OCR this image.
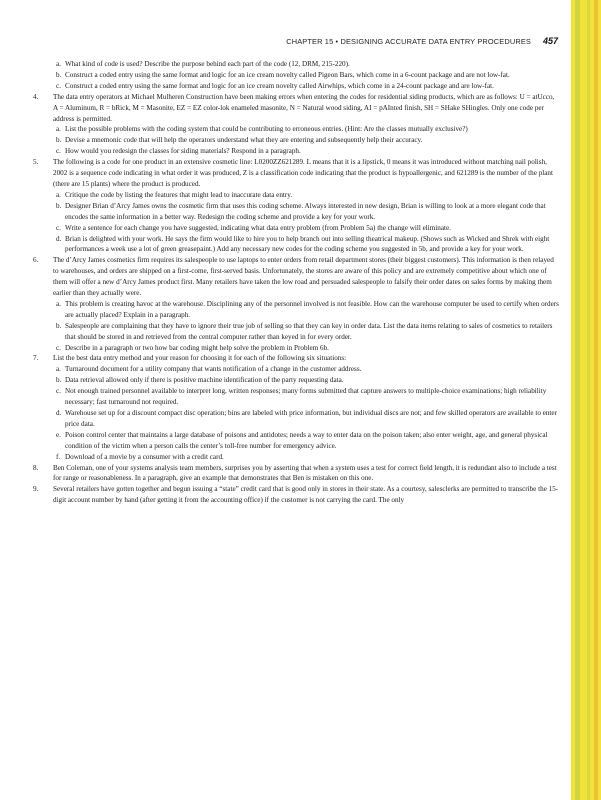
CHAPTER 15 • DESIGNING ACCURATE DATA ENTRY PROCEDURES 457
a. What kind of code is used? Describe the purpose behind each part of the code (12, DRM, 215-220).
b. Construct a coded entry using the same format and logic for an ice cream novelty called Pigeon Bars, which come in a 6-count package and are not low-fat.
c. Construct a coded entry using the same format and logic for an ice cream novelty called Airwhips, which come in a 24-count package and are low-fat.
4. The data entry operators at Michael Mulheren Construction have been making errors when entering the codes for residential siding products, which are as follows: U = atUcco, A = Aluminum, R = bRick, M = Masonite, EZ = EZ color-lok enameled masonite, N = Natural wood siding, AI = pAInted finish, SH = SHake SHingles. Only one code per address is permitted.
a. List the possible problems with the coding system that could be contributing to erroneous entries. (Hint: Are the classes mutually exclusive?)
b. Devise a mnemonic code that will help the operators understand what they are entering and subsequently help their accuracy.
c. How would you redesign the classes for siding materials? Respond in a paragraph.
5. The following is a code for one product in an extensive cosmetic line: L0200ZZ621289. L means that it is a lipstick, 0 means it was introduced without matching nail polish, 2002 is a sequence code indicating in what order it was produced, Z is a classification code indicating that the product is hypoallergenic, and 621289 is the number of the plant (there are 15 plants) where the product is produced.
a. Critique the code by listing the features that might lead to inaccurate data entry.
b. Designer Brian d’Arcy James owns the cosmetic firm that uses this coding scheme. Always interested in new design, Brian is willing to look at a more elegant code that encodes the same information in a better way. Redesign the coding scheme and provide a key for your work.
c. Write a sentence for each change you have suggested, indicating what data entry problem (from Problem 5a) the change will eliminate.
d. Brian is delighted with your work. He says the firm would like to hire you to help branch out into selling theatrical makeup. (Shows such as Wicked and Shrek with eight performances a week use a lot of green greasepaint.) Add any necessary new codes for the coding scheme you suggested in 5b, and provide a key for your work.
6. The d’Arcy James cosmetics firm requires its salespeople to use laptops to enter orders from retail department stores (their biggest customers). This information is then relayed to warehouses, and orders are shipped on a first-come, first-served basis. Unfortunately, the stores are aware of this policy and are extremely competitive about which one of them will offer a new d’Arcy James product first. Many retailers have taken the low road and persuaded salespeople to falsify their order dates on sales forms by making them earlier than they actually were.
a. This problem is creating havoc at the warehouse. Disciplining any of the personnel involved is not feasible. How can the warehouse computer be used to certify when orders are actually placed? Explain in a paragraph.
b. Salespeople are complaining that they have to ignore their true job of selling so that they can key in order data. List the data items relating to sales of cosmetics to retailers that should be stored in and retrieved from the central computer rather than keyed in for every order.
c. Describe in a paragraph or two how bar coding might help solve the problem in Problem 6b.
7. List the best data entry method and your reason for choosing it for each of the following six situations:
a. Turnaround document for a utility company that wants notification of a change in the customer address.
b. Data retrieval allowed only if there is positive machine identification of the party requesting data.
c. Not enough trained personnel available to interpret long, written responses; many forms submitted that capture answers to multiple-choice examinations; high reliability necessary; fast turnaround not required.
d. Warehouse set up for a discount compact disc operation; bins are labeled with price information, but individual discs are not; and few skilled operators are available to enter price data.
e. Poison control center that maintains a large database of poisons and antidotes; needs a way to enter data on the poison taken; also enter weight, age, and general physical condition of the victim when a person calls the center’s toll-free number for emergency advice.
f. Download of a movie by a consumer with a credit card.
8. Ben Coleman, one of your systems analysis team members, surprises you by asserting that when a system uses a test for correct field length, it is redundant also to include a test for range or reasonableness. In a paragraph, give an example that demonstrates that Ben is mistaken on this one.
9. Several retailers have gotten together and begun issuing a “state” credit card that is good only in stores in their state. As a courtesy, salesclerks are permitted to transcribe the 15-digit account number by hand (after getting it from the accounting office) if the customer is not carrying the card. The only
